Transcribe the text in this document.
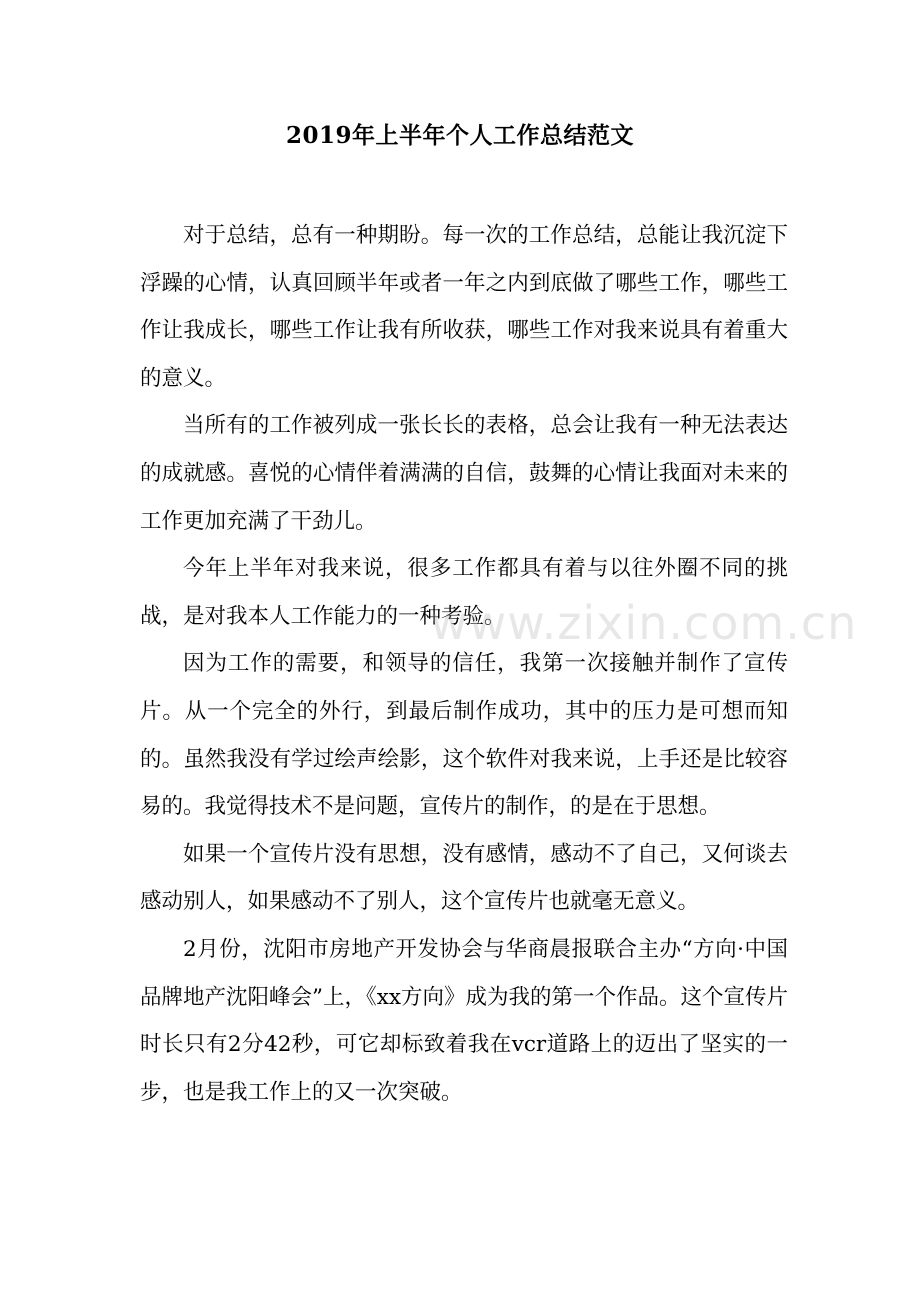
2019年上半年个人工作总结范文

对于总结，总有一种期盼。每一次的工作总结，总能让我沉淀下浮躁的心情，认真回顾半年或者一年之内到底做了哪些工作，哪些工作让我成长，哪些工作让我有所收获，哪些工作对我来说具有着重大的意义。

当所有的工作被列成一张长长的表格，总会让我有一种无法表达的成就感。喜悦的心情伴着满满的自信，鼓舞的心情让我面对未来的工作更加充满了干劲儿。

今年上半年对我来说，很多工作都具有着与以往外圈不同的挑战，是对我本人工作能力的一种考验。

因为工作的需要，和领导的信任，我第一次接触并制作了宣传片。从一个完全的外行，到最后制作成功，其中的压力是可想而知的。虽然我没有学过绘声绘影，这个软件对我来说，上手还是比较容易的。我觉得技术不是问题，宣传片的制作，的是在于思想。

如果一个宣传片没有思想，没有感情，感动不了自己，又何谈去感动别人，如果感动不了别人，这个宣传片也就毫无意义。

2月份，沈阳市房地产开发协会与华商晨报联合主办“方向·中国品牌地产沈阳峰会”上，《xx方向》成为我的第一个作品。这个宣传片时长只有2分42秒，可它却标致着我在vcr道路上的迈出了坚实的一步，也是我工作上的又一次突破。

www.zixin.com.cn
